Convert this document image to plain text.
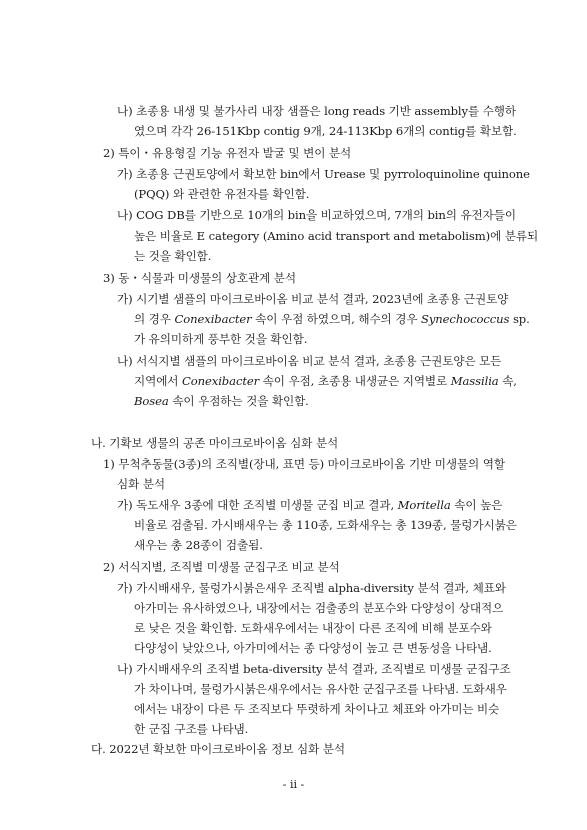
나) 초종용 내생 및 불가사리 내장 샘플은 long reads 기반 assembly를 수행하
였으며 각각 26-151Kbp contig 9개, 24-113Kbp 6개의 contig를 확보함.
2) 특이・유용형질 기능 유전자 발굴 및 변이 분석
가) 초종용 근권토양에서 확보한 bin에서 Urease 및 pyrroloquinoline quinone
(PQQ) 와 관련한 유전자를 확인함.
나) COG DB를 기반으로 10개의 bin을 비교하였으며, 7개의 bin의 유전자들이
높은 비율로 E category (Amino acid transport and metabolism)에 분류되
는 것을 확인함.
3) 동・식물과 미생물의 상호관계 분석
가) 시기별 샘플의 마이크로바이옴 비교 분석 결과, 2023년에 초종용 근권토양
의 경우 Conexibacter 속이 우점 하였으며, 해수의 경우 Synechococcus sp.
가 유의미하게 풍부한 것을 확인함.
나) 서식지별 샘플의 마이크로바이옴 비교 분석 결과, 초종용 근권토양은 모든
지역에서 Conexibacter 속이 우점, 초종용 내생균은 지역별로 Massilia 속,
Bosea 속이 우점하는 것을 확인함.
나. 기확보 생물의 공존 마이크로바이옴 심화 분석
1) 무척추동물(3종)의 조직별(장내, 표면 등) 마이크로바이옴 기반 미생물의 역할
심화 분석
가) 독도새우 3종에 대한 조직별 미생물 군집 비교 결과, Moritella 속이 높은
비율로 검출됨. 가시배새우는 총 110종, 도화새우는 총 139종, 물렁가시붉은
새우는 총 28종이 검출됨.
2) 서식지별, 조직별 미생물 군집구조 비교 분석
가) 가시배새우, 물렁가시붉은새우 조직별 alpha-diversity 분석 결과, 체표와
아가미는 유사하였으나, 내장에서는 검출종의 분포수와 다양성이 상대적으
로 낮은 것을 확인함. 도화새우에서는 내장이 다른 조직에 비해 분포수와
다양성이 낮았으나, 아가미에서는 종 다양성이 높고 큰 변동성을 나타냄.
나) 가시배새우의 조직별 beta-diversity 분석 결과, 조직별로 미생물 군집구조
가 차이나며, 물렁가시붉은새우에서는 유사한 군집구조를 나타냄. 도화새우
에서는 내장이 다른 두 조직보다 뚜렷하게 차이나고 체표와 아가미는 비슷
한 군집 구조를 나타냄.
다. 2022년 확보한 마이크로바이옴 정보 심화 분석
- ii -
